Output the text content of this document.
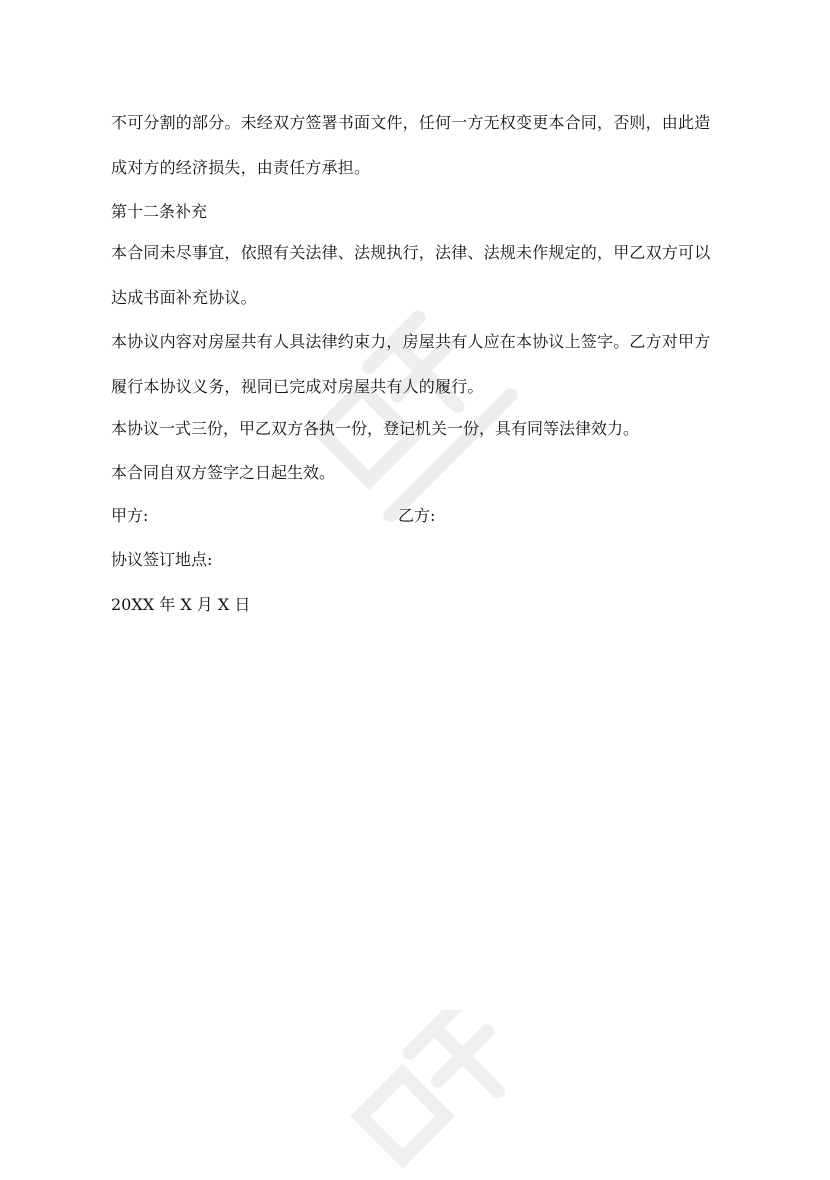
不可分割的部分。未经双方签署书面文件，任何一方无权变更本合同，否则，由此造成对方的经济损失，由责任方承担。
第十二条补充
本合同未尽事宜，依照有关法律、法规执行，法律、法规未作规定的，甲乙双方可以达成书面补充协议。
本协议内容对房屋共有人具法律约束力，房屋共有人应在本协议上签字。乙方对甲方履行本协议义务，视同已完成对房屋共有人的履行。
本协议一式三份，甲乙双方各执一份，登记机关一份，具有同等法律效力。
本合同自双方签字之日起生效。
甲方:	乙方:
协议签订地点:
20XX 年 X 月 X 日
